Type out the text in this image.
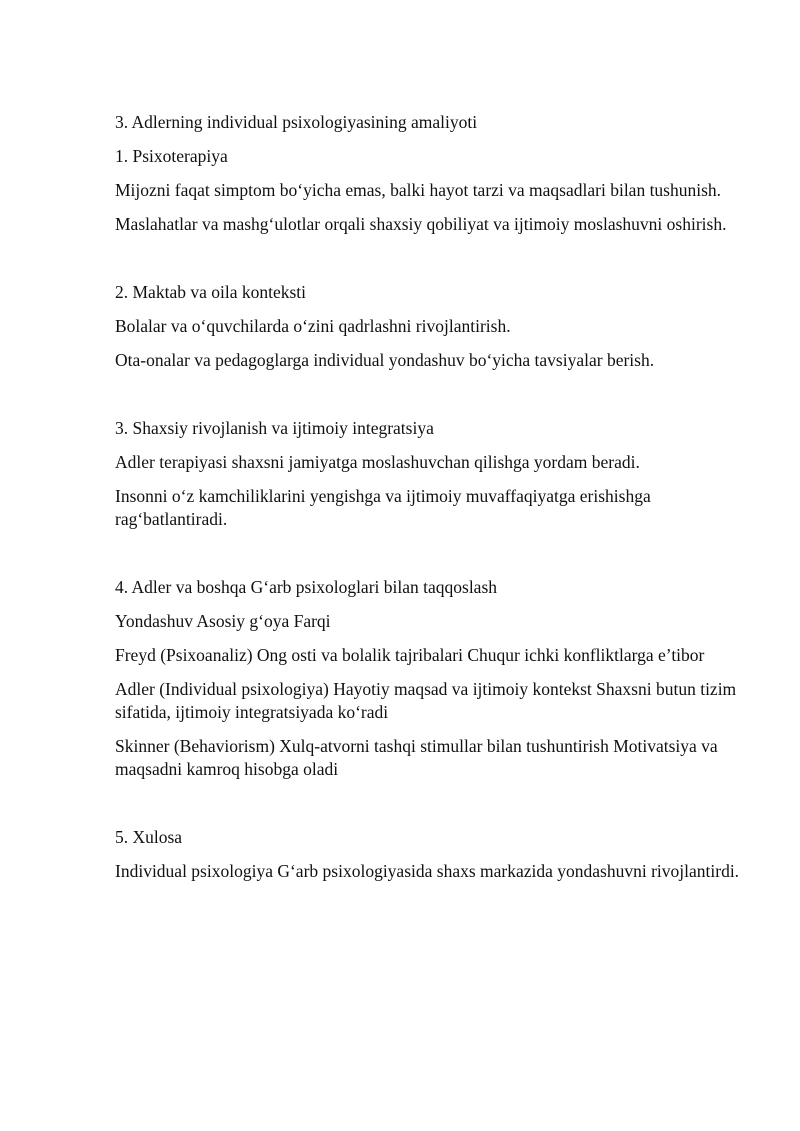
3. Adlerning individual psixologiyasining amaliyoti

1. Psixoterapiya

Mijozni faqat simptom bo‘yicha emas, balki hayot tarzi va maqsadlari bilan tushunish.

Maslahatlar va mashg‘ulotlar orqali shaxsiy qobiliyat va ijtimoiy moslashuvni oshirish.

2. Maktab va oila konteksti

Bolalar va o‘quvchilarda o‘zini qadrlashni rivojlantirish.

Ota-onalar va pedagoglarga individual yondashuv bo‘yicha tavsiyalar berish.

3. Shaxsiy rivojlanish va ijtimoiy integratsiya

Adler terapiyasi shaxsni jamiyatga moslashuvchan qilishga yordam beradi.

Insonni o‘z kamchiliklarini yengishga va ijtimoiy muvaffaqiyatga erishishga rag‘batlantiradi.

4. Adler va boshqa G‘arb psixologlari bilan taqqoslash

Yondashuv Asosiy g‘oya Farqi

Freyd (Psixoanaliz) Ong osti va bolalik tajribalari Chuqur ichki konfliktlarga e’tibor

Adler (Individual psixologiya) Hayotiy maqsad va ijtimoiy kontekst Shaxsni butun tizim sifatida, ijtimoiy integratsiyada ko‘radi

Skinner (Behaviorism) Xulq-atvorni tashqi stimullar bilan tushuntirish Motivatsiya va maqsadni kamroq hisobga oladi

5. Xulosa

Individual psixologiya G‘arb psixologiyasida shaxs markazida yondashuvni rivojlantirdi.
